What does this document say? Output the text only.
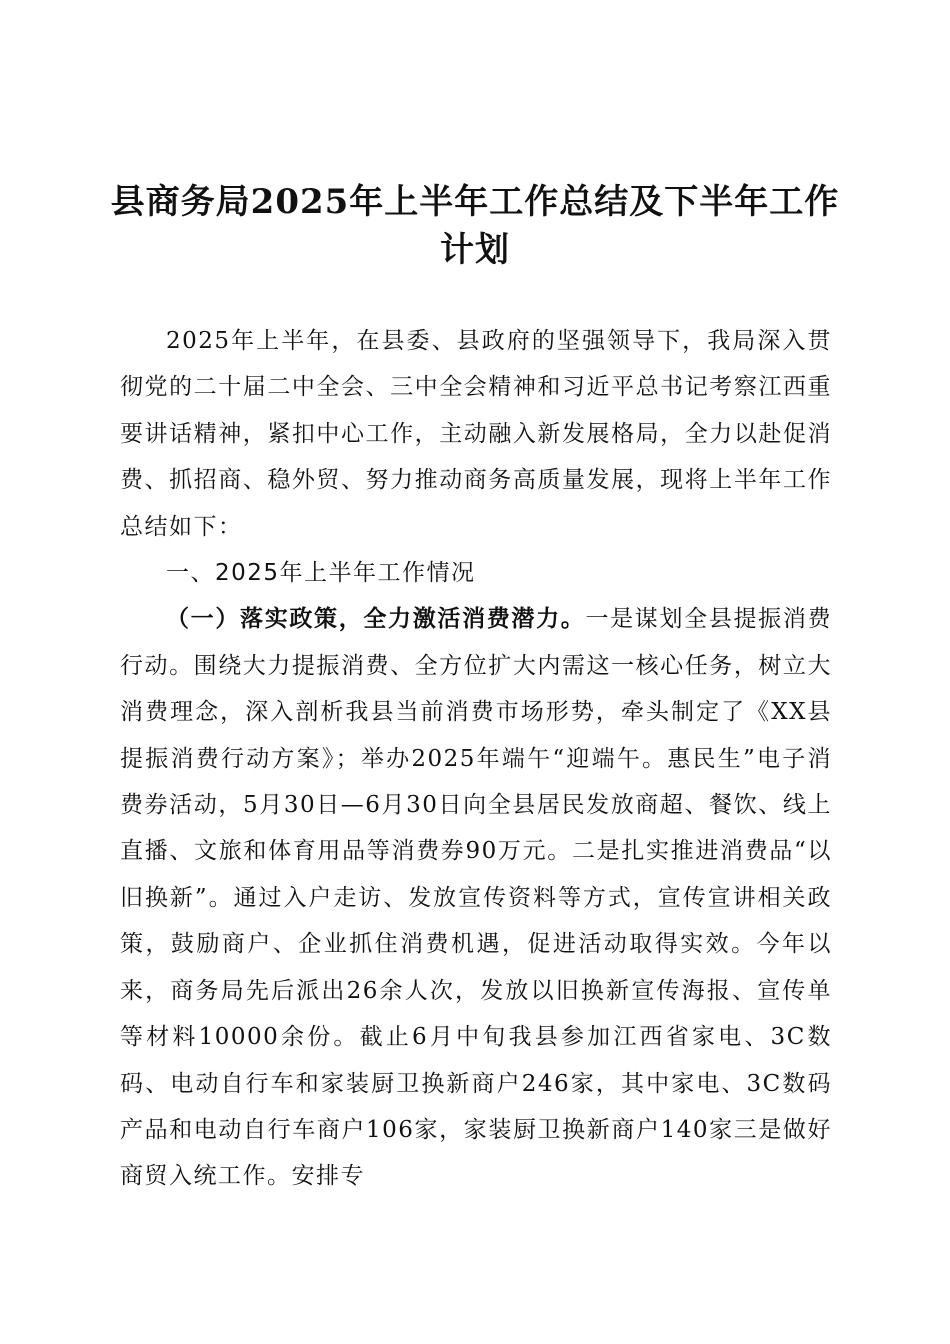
县商务局2025年上半年工作总结及下半年工作计划

2025年上半年，在县委、县政府的坚强领导下，我局深入贯彻党的二十届二中全会、三中全会精神和习近平总书记考察江西重要讲话精神，紧扣中心工作，主动融入新发展格局，全力以赴促消费、抓招商、稳外贸、努力推动商务高质量发展，现将上半年工作总结如下：

一、2025年上半年工作情况

（一）落实政策，全力激活消费潜力。一是谋划全县提振消费行动。围绕大力提振消费、全方位扩大内需这一核心任务，树立大消费理念，深入剖析我县当前消费市场形势，牵头制定了《XX县提振消费行动方案》；举办2025年端午“迎端午。惠民生”电子消费券活动，5月30日—6月30日向全县居民发放商超、餐饮、线上直播、文旅和体育用品等消费券90万元。二是扎实推进消费品“以旧换新”。通过入户走访、发放宣传资料等方式，宣传宣讲相关政策，鼓励商户、企业抓住消费机遇，促进活动取得实效。今年以来，商务局先后派出26余人次，发放以旧换新宣传海报、宣传单等材料10000余份。截止6月中旬我县参加江西省家电、3C数码、电动自行车和家装厨卫换新商户246家，其中家电、3C数码产品和电动自行车商户106家，家装厨卫换新商户140家三是做好商贸入统工作。安排专
